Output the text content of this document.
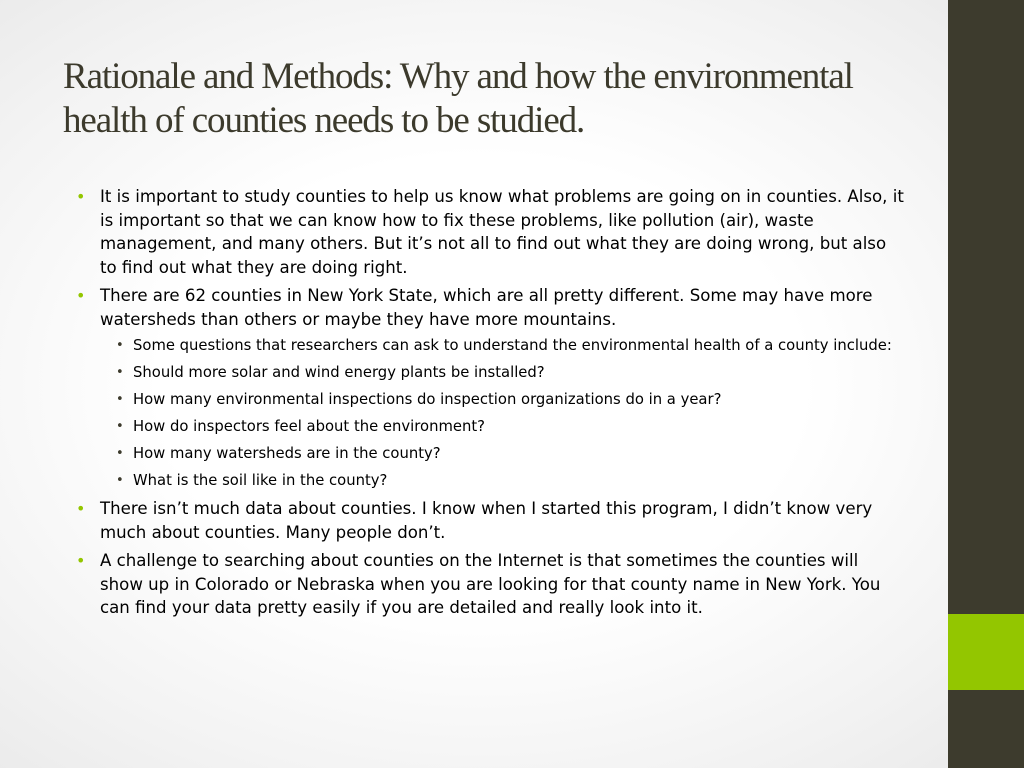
Rationale and Methods: Why and how the environmental health of counties needs to be studied.
• It is important to study counties to help us know what problems are going on in counties. Also, it is important so that we can know how to fix these problems, like pollution (air), waste management, and many others. But it’s not all to find out what they are doing wrong, but also to find out what they are doing right.
• There are 62 counties in New York State, which are all pretty different. Some may have more watersheds than others or maybe they have more mountains.
• Some questions that researchers can ask to understand the environmental health of a county include:
• Should more solar and wind energy plants be installed?
• How many environmental inspections do inspection organizations do in a year?
• How do inspectors feel about the environment?
• How many watersheds are in the county?
• What is the soil like in the county?
• There isn’t much data about counties. I know when I started this program, I didn’t know very much about counties. Many people don’t.
• A challenge to searching about counties on the Internet is that sometimes the counties will show up in Colorado or Nebraska when you are looking for that county name in New York. You can find your data pretty easily if you are detailed and really look into it.
